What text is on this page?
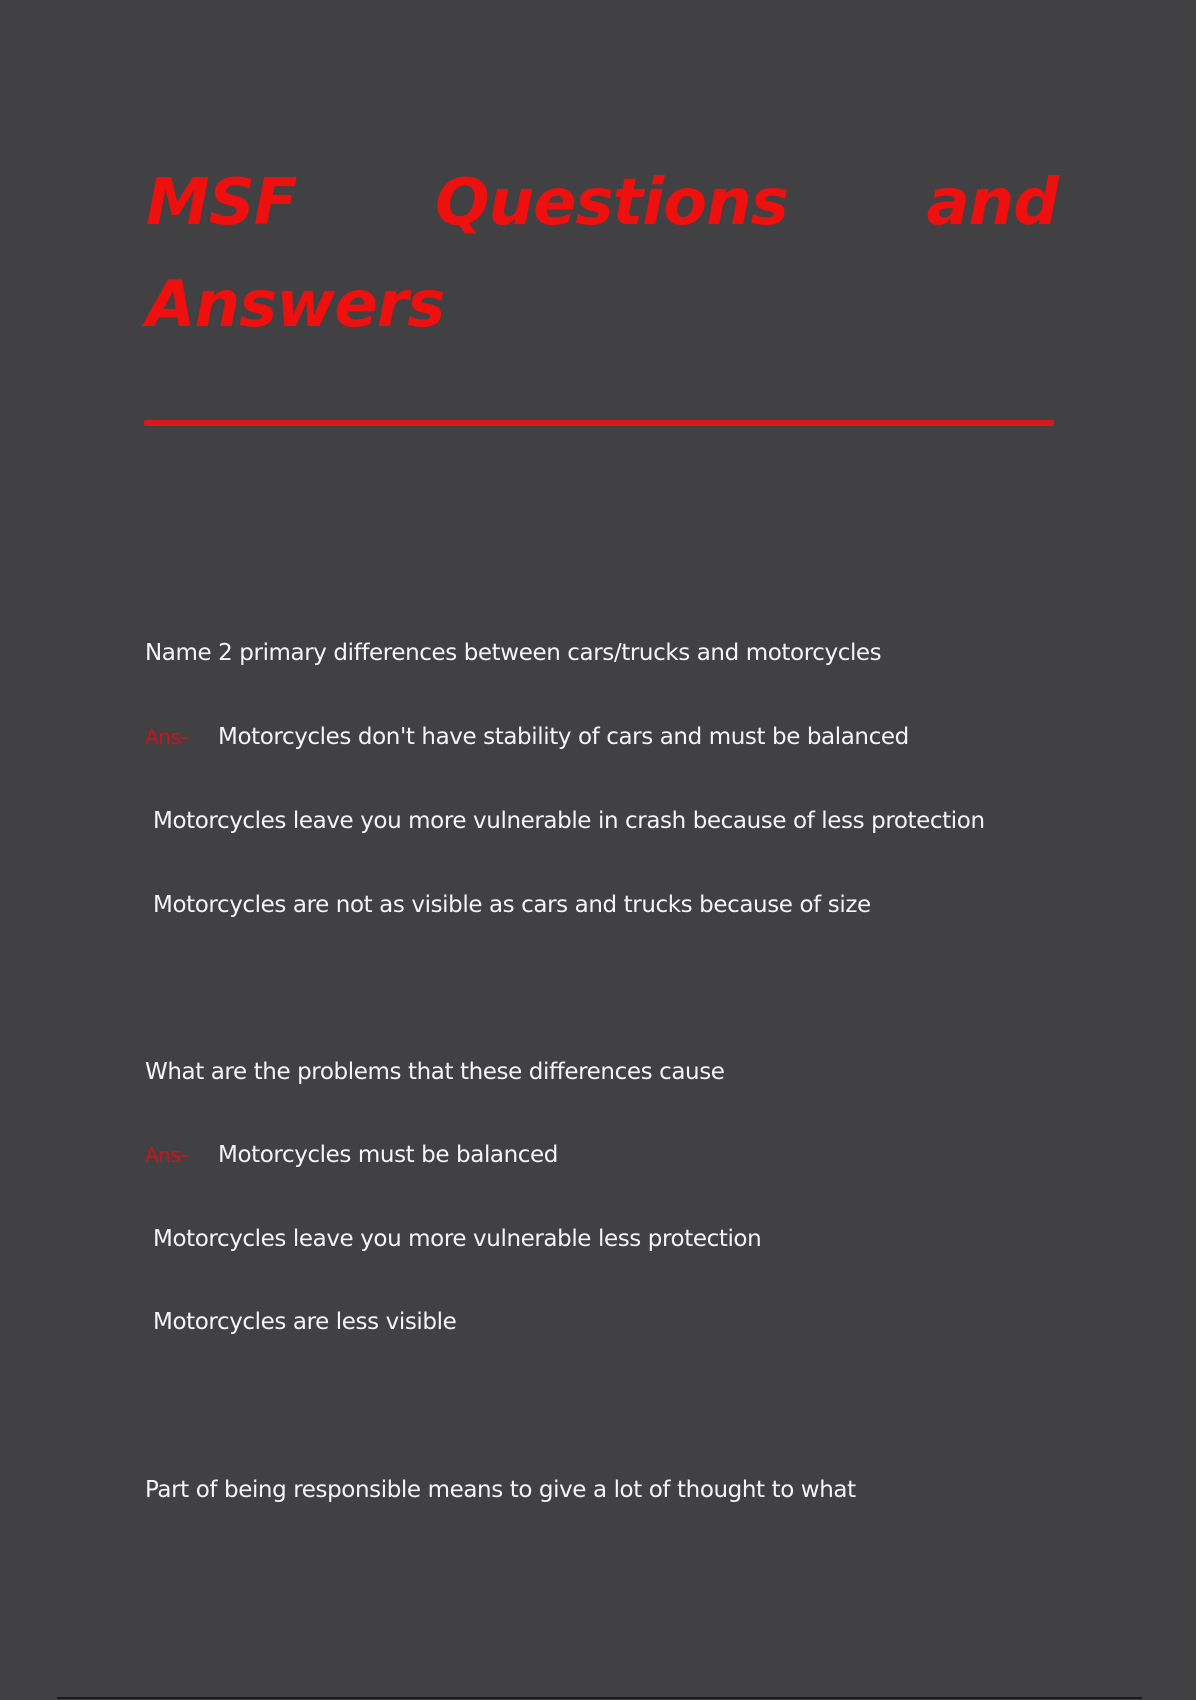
MSF Questions and
Answers

Name 2 primary differences between cars/trucks and motorcycles

Ans- Motorcycles don't have stability of cars and must be balanced

Motorcycles leave you more vulnerable in crash because of less protection

Motorcycles are not as visible as cars and trucks because of size

What are the problems that these differences cause

Ans- Motorcycles must be balanced

Motorcycles leave you more vulnerable less protection

Motorcycles are less visible

Part of being responsible means to give a lot of thought to what
